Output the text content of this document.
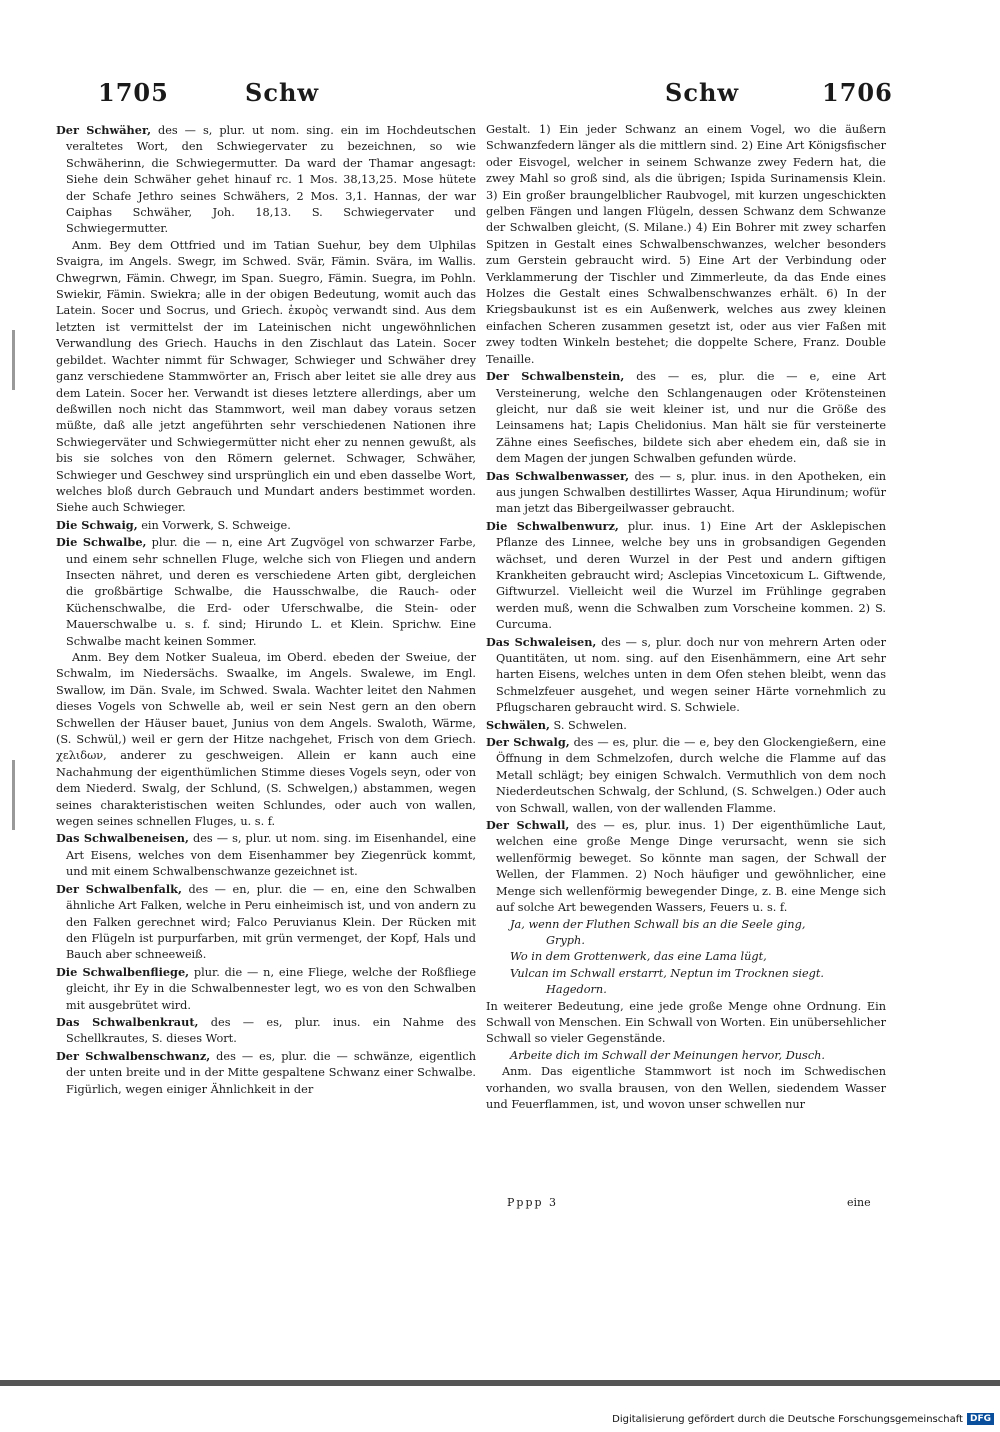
1705	Schw	Schw	1706

Der Schwäher, des — s, plur. ut nom. sing. ein im Hochdeutschen veraltetes Wort, den Schwiegervater zu bezeichnen, so wie Schwäherinn, die Schwiegermutter. Da ward der Thamar angesagt: Siehe dein Schwäher gehet hinauf rc. 1 Mos. 38,13,25. Mose hütete der Schafe Jethro seines Schwähers, 2 Mos. 3,1. Hannas, der war Caiphas Schwäher, Joh. 18,13. S. Schwiegervater und Schwiegermutter.

Anm. Bey dem Ottfried und im Tatian Suehur, bey dem Ulphilas Svaigra, im Angels. Swegr, im Schwed. Svär, Fämin. Svära, im Wallis. Chwegrwn, Fämin. Chwegr, im Span. Suegro, Fämin. Suegra, im Pohln. Swiekir, Fämin. Swiekra; alle in der obigen Bedeutung, womit auch das Latein. Socer und Socrus, und Griech. ἑκυρὸς verwandt sind. Aus dem letzten ist vermittelst der im Lateinischen nicht ungewöhnlichen Verwandlung des Griech. Hauchs in den Zischlaut das Latein. Socer gebildet. Wachter nimmt für Schwager, Schwieger und Schwäher drey ganz verschiedene Stammwörter an, Frisch aber leitet sie alle drey aus dem Latein. Socer her. Verwandt ist dieses letztere allerdings, aber um deßwillen noch nicht das Stammwort, weil man dabey voraus setzen müßte, daß alle jetzt angeführten sehr verschiedenen Nationen ihre Schwiegerväter und Schwiegermütter nicht eher zu nennen gewußt, als bis sie solches von den Römern gelernet. Schwager, Schwäher, Schwieger und Geschwey sind ursprünglich ein und eben dasselbe Wort, welches bloß durch Gebrauch und Mundart anders bestimmet worden. Siehe auch Schwieger.

Die Schwaig, ein Vorwerk, S. Schweige.

Die Schwalbe, plur. die — n, eine Art Zugvögel von schwarzer Farbe, und einem sehr schnellen Fluge, welche sich von Fliegen und andern Insecten nähret, und deren es verschiedene Arten gibt, dergleichen die großbärtige Schwalbe, die Hausschwalbe, die Rauch- oder Küchenschwalbe, die Erd- oder Uferschwalbe, die Stein- oder Mauerschwalbe u. s. f. sind; Hirundo L. et Klein. Sprichw. Eine Schwalbe macht keinen Sommer.

Anm. Bey dem Notker Sualeua, im Oberd. ebeden der Sweiue, der Schwalm, im Niedersächs. Swaalke, im Angels. Swalewe, im Engl. Swallow, im Dän. Svale, im Schwed. Swala. Wachter leitet den Nahmen dieses Vogels von Schwelle ab, weil er sein Nest gern an den obern Schwellen der Häuser bauet, Junius von dem Angels. Swaloth, Wärme, (S. Schwül,) weil er gern der Hitze nachgehet, Frisch von dem Griech. χελιδων, anderer zu geschweigen. Allein er kann auch eine Nachahmung der eigenthümlichen Stimme dieses Vogels seyn, oder von dem Niederd. Swalg, der Schlund, (S. Schwelgen,) abstammen, wegen seines charakteristischen weiten Schlundes, oder auch von wallen, wegen seines schnellen Fluges, u. s. f.

Das Schwalbeneisen, des — s, plur. ut nom. sing. im Eisenhandel, eine Art Eisens, welches von dem Eisenhammer bey Ziegenrück kommt, und mit einem Schwalbenschwanze gezeichnet ist.

Der Schwalbenfalk, des — en, plur. die — en, eine den Schwalben ähnliche Art Falken, welche in Peru einheimisch ist, und von andern zu den Falken gerechnet wird; Falco Peruvianus Klein. Der Rücken mit den Flügeln ist purpurfarben, mit grün vermenget, der Kopf, Hals und Bauch aber schneeweiß.

Die Schwalbenfliege, plur. die — n, eine Fliege, welche der Roßfliege gleicht, ihr Ey in die Schwalbennester legt, wo es von den Schwalben mit ausgebrütet wird.

Das Schwalbenkraut, des — es, plur. inus. ein Nahme des Schellkrautes, S. dieses Wort.

Der Schwalbenschwanz, des — es, plur. die — schwänze, eigentlich der unten breite und in der Mitte gespaltene Schwanz einer Schwalbe. Figürlich, wegen einiger Ähnlichkeit in der

Gestalt. 1) Ein jeder Schwanz an einem Vogel, wo die äußern Schwanzfedern länger als die mittlern sind. 2) Eine Art Königsfischer oder Eisvogel, welcher in seinem Schwanze zwey Federn hat, die zwey Mahl so groß sind, als die übrigen; Ispida Surinamensis Klein. 3) Ein großer braungelblicher Raubvogel, mit kurzen ungeschickten gelben Fängen und langen Flügeln, dessen Schwanz dem Schwanze der Schwalben gleicht, (S. Milane.) 4) Ein Bohrer mit zwey scharfen Spitzen in Gestalt eines Schwalbenschwanzes, welcher besonders zum Gerstein gebraucht wird. 5) Eine Art der Verbindung oder Verklammerung der Tischler und Zimmerleute, da das Ende eines Holzes die Gestalt eines Schwalbenschwanzes erhält. 6) In der Kriegsbaukunst ist es ein Außenwerk, welches aus zwey kleinen einfachen Scheren zusammen gesetzt ist, oder aus vier Faßen mit zwey todten Winkeln bestehet; die doppelte Schere, Franz. Double Tenaille.

Der Schwalbenstein, des — es, plur. die — e, eine Art Versteinerung, welche den Schlangenaugen oder Krötensteinen gleicht, nur daß sie weit kleiner ist, und nur die Größe des Leinsamens hat; Lapis Chelidonius. Man hält sie für versteinerte Zähne eines Seefisches, bildete sich aber ehedem ein, daß sie in dem Magen der jungen Schwalben gefunden würde.

Das Schwalbenwasser, des — s, plur. inus. in den Apotheken, ein aus jungen Schwalben destillirtes Wasser, Aqua Hirundinum; wofür man jetzt das Bibergeilwasser gebraucht.

Die Schwalbenwurz, plur. inus. 1) Eine Art der Asklepischen Pflanze des Linnee, welche bey uns in grobsandigen Gegenden wächset, und deren Wurzel in der Pest und andern giftigen Krankheiten gebraucht wird; Asclepias Vincetoxicum L. Giftwende, Giftwurzel. Vielleicht weil die Wurzel im Frühlinge gegraben werden muß, wenn die Schwalben zum Vorscheine kommen. 2) S. Curcuma.

Das Schwaleisen, des — s, plur. doch nur von mehrern Arten oder Quantitäten, ut nom. sing. auf den Eisenhämmern, eine Art sehr harten Eisens, welches unten in dem Ofen stehen bleibt, wenn das Schmelzfeuer ausgehet, und wegen seiner Härte vornehmlich zu Pflugscharen gebraucht wird. S. Schwiele.

Schwälen, S. Schwelen.

Der Schwalg, des — es, plur. die — e, bey den Glockengießern, eine Öffnung in dem Schmelzofen, durch welche die Flamme auf das Metall schlägt; bey einigen Schwalch. Vermuthlich von dem noch Niederdeutschen Schwalg, der Schlund, (S. Schwelgen.) Oder auch von Schwall, wallen, von der wallenden Flamme.

Der Schwall, des — es, plur. inus. 1) Der eigenthümliche Laut, welchen eine große Menge Dinge verursacht, wenn sie sich wellenförmig beweget. So könnte man sagen, der Schwall der Wellen, der Flammen. 2) Noch häufiger und gewöhnlicher, eine Menge sich wellenförmig bewegender Dinge, z. B. eine Menge sich auf solche Art bewegenden Wassers, Feuers u. s. f.

Ja, wenn der Fluthen Schwall bis an die Seele ging,

Gryph.

Wo in dem Grottenwerk, das eine Lama lügt,

Vulcan im Schwall erstarrt, Neptun im Trocknen siegt.

Hagedorn.

In weiterer Bedeutung, eine jede große Menge ohne Ordnung. Ein Schwall von Menschen. Ein Schwall von Worten. Ein unübersehlicher Schwall so vieler Gegenstände.

Arbeite dich im Schwall der Meinungen hervor, Dusch.

Anm. Das eigentliche Stammwort ist noch im Schwedischen vorhanden, wo svalla brausen, von den Wellen, siedendem Wasser und Feuerflammen, ist, und wovon unser schwellen nur

Pppp 3	eine
Digitalisierung gefördert durch die Deutsche Forschungsgemeinschaft DFG
